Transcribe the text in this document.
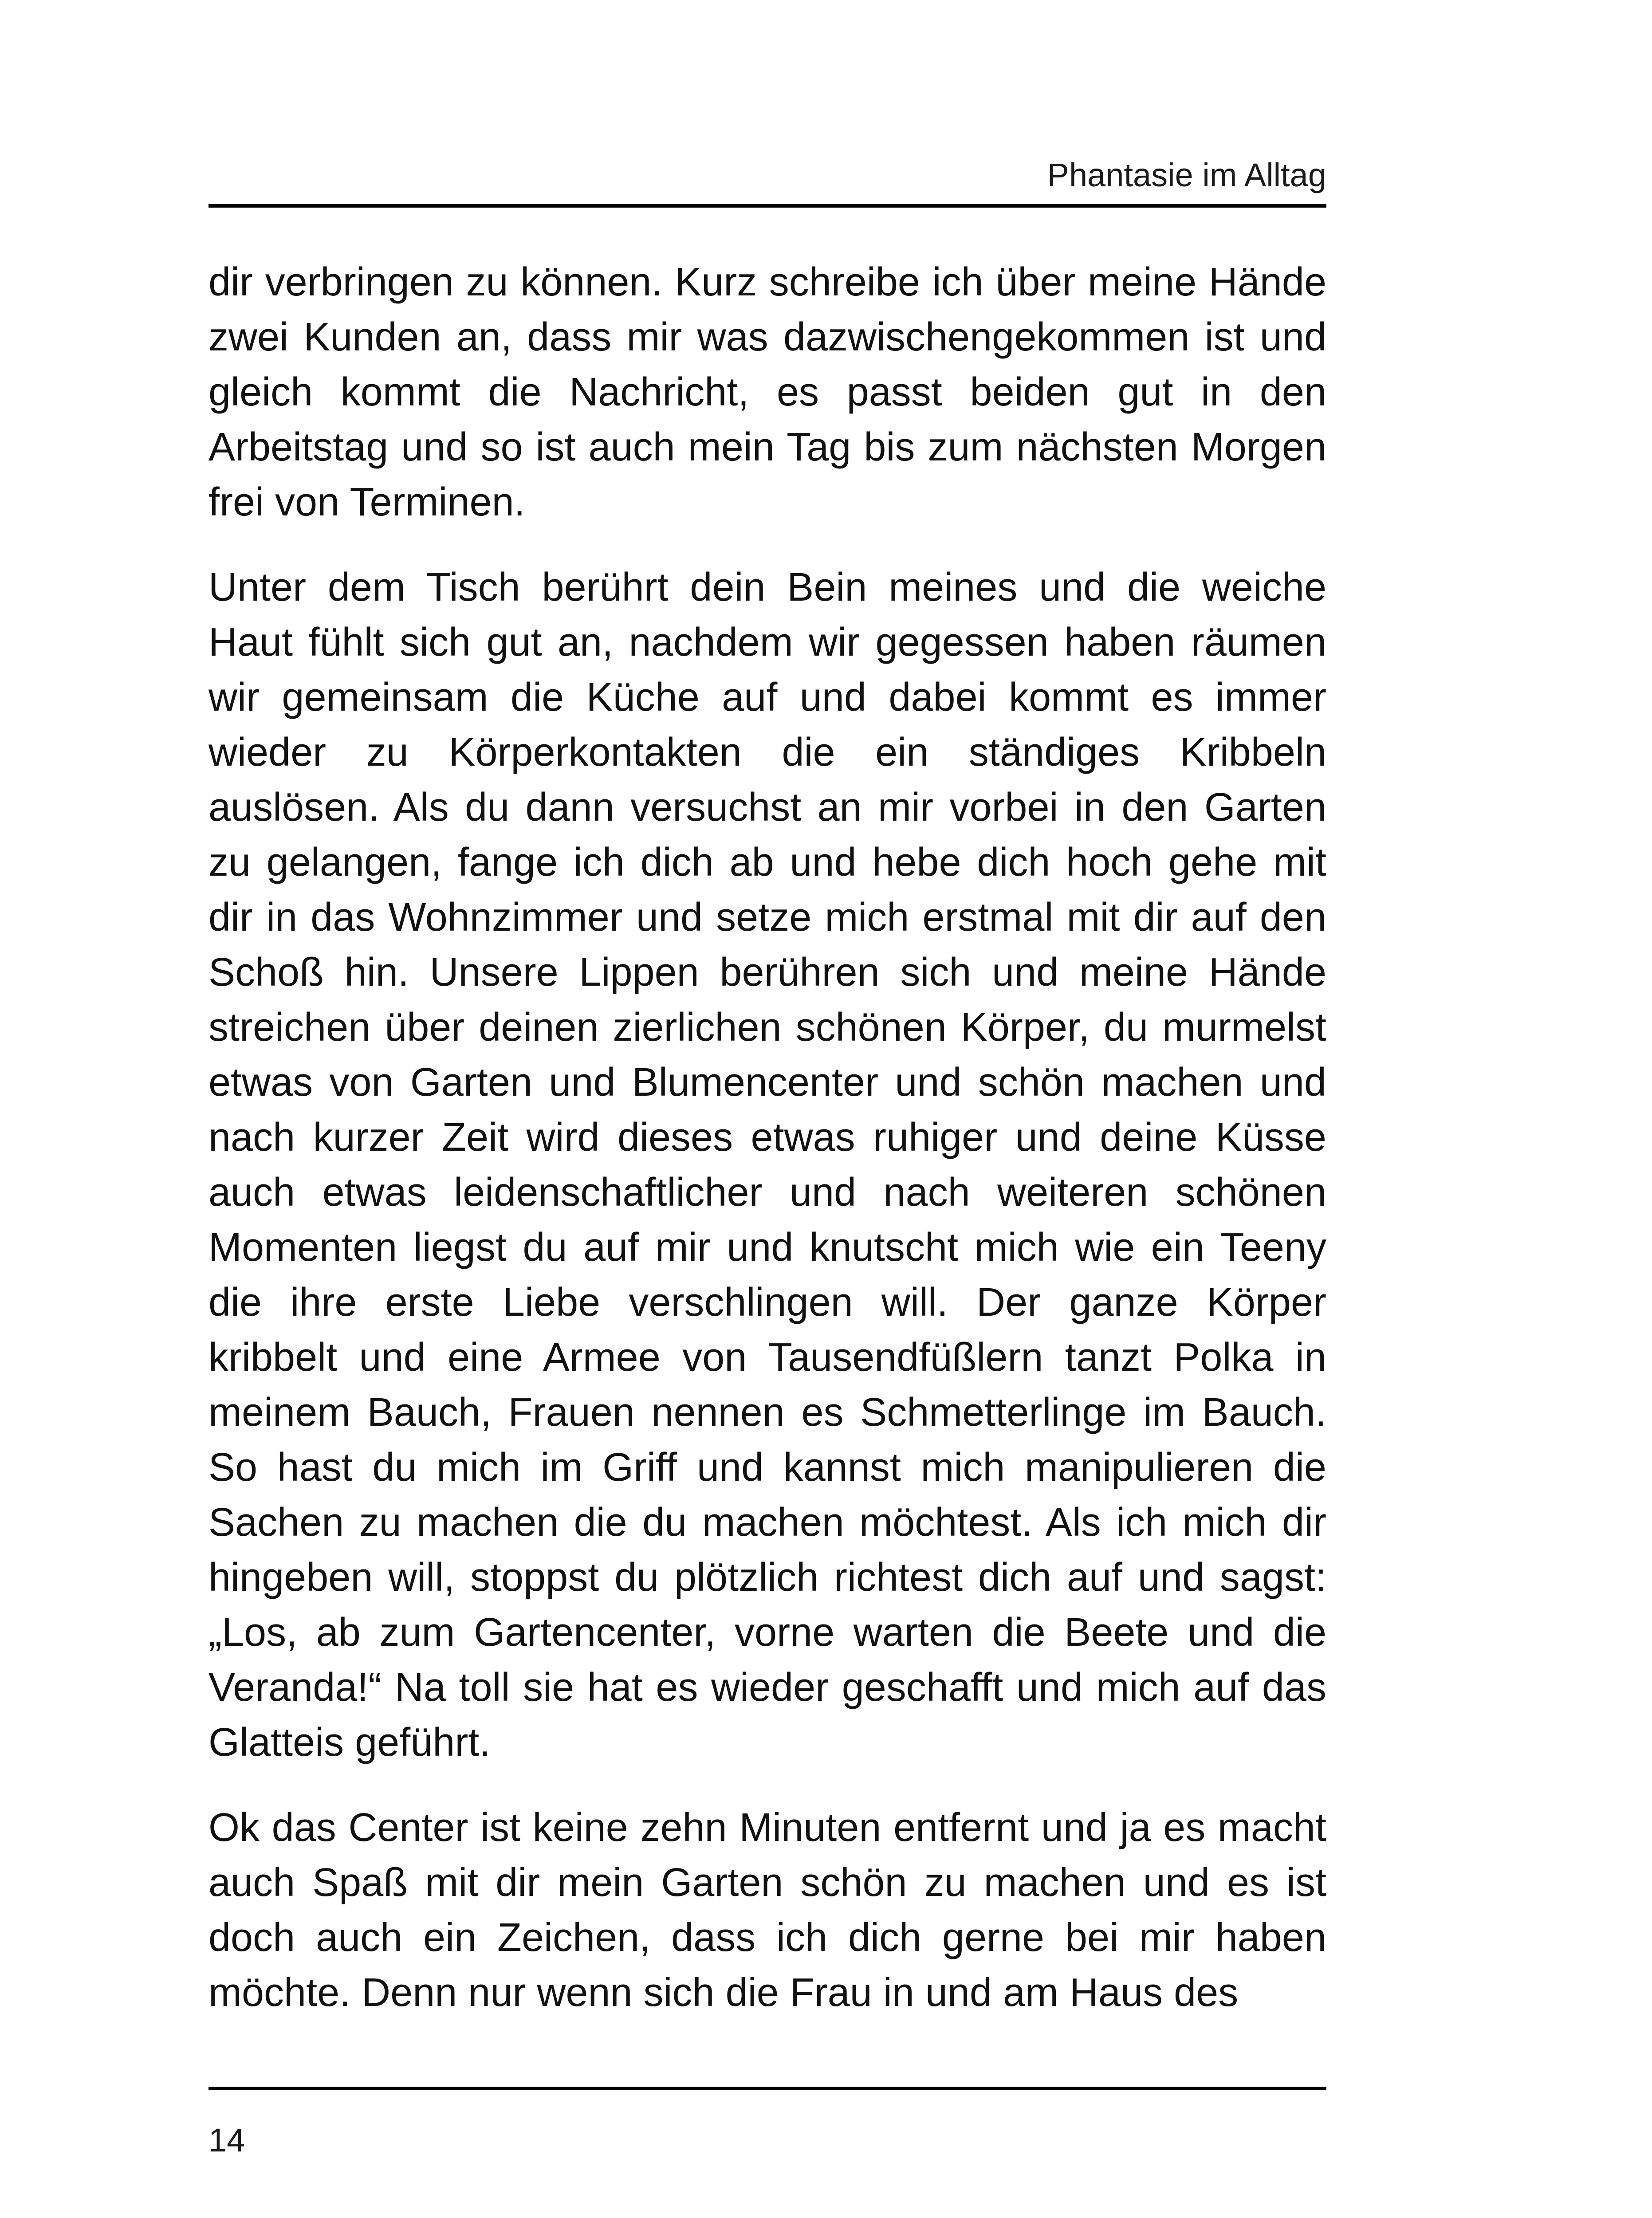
Phantasie im Alltag

dir verbringen zu können. Kurz schreibe ich über meine Hände zwei Kunden an, dass mir was dazwischengekommen ist und gleich kommt die Nachricht, es passt beiden gut in den Arbeitstag und so ist auch mein Tag bis zum nächsten Morgen frei von Terminen.

Unter dem Tisch berührt dein Bein meines und die weiche Haut fühlt sich gut an, nachdem wir gegessen haben räumen wir gemeinsam die Küche auf und dabei kommt es immer wieder zu Körperkontakten die ein ständiges Kribbeln auslösen. Als du dann versuchst an mir vorbei in den Garten zu gelangen, fange ich dich ab und hebe dich hoch gehe mit dir in das Wohnzimmer und setze mich erstmal mit dir auf den Schoß hin. Unsere Lippen berühren sich und meine Hände streichen über deinen zierlichen schönen Körper, du murmelst etwas von Garten und Blumencenter und schön machen und nach kurzer Zeit wird dieses etwas ruhiger und deine Küsse auch etwas leidenschaftlicher und nach weiteren schönen Momenten liegst du auf mir und knutscht mich wie ein Teeny die ihre erste Liebe verschlingen will. Der ganze Körper kribbelt und eine Armee von Tausendfüßlern tanzt Polka in meinem Bauch, Frauen nennen es Schmetterlinge im Bauch. So hast du mich im Griff und kannst mich manipulieren die Sachen zu machen die du machen möchtest. Als ich mich dir hingeben will, stoppst du plötzlich richtest dich auf und sagst: „Los, ab zum Gartencenter, vorne warten die Beete und die Veranda!“ Na toll sie hat es wieder geschafft und mich auf das Glatteis geführt.

Ok das Center ist keine zehn Minuten entfernt und ja es macht auch Spaß mit dir mein Garten schön zu machen und es ist doch auch ein Zeichen, dass ich dich gerne bei mir haben möchte. Denn nur wenn sich die Frau in und am Haus des

14
